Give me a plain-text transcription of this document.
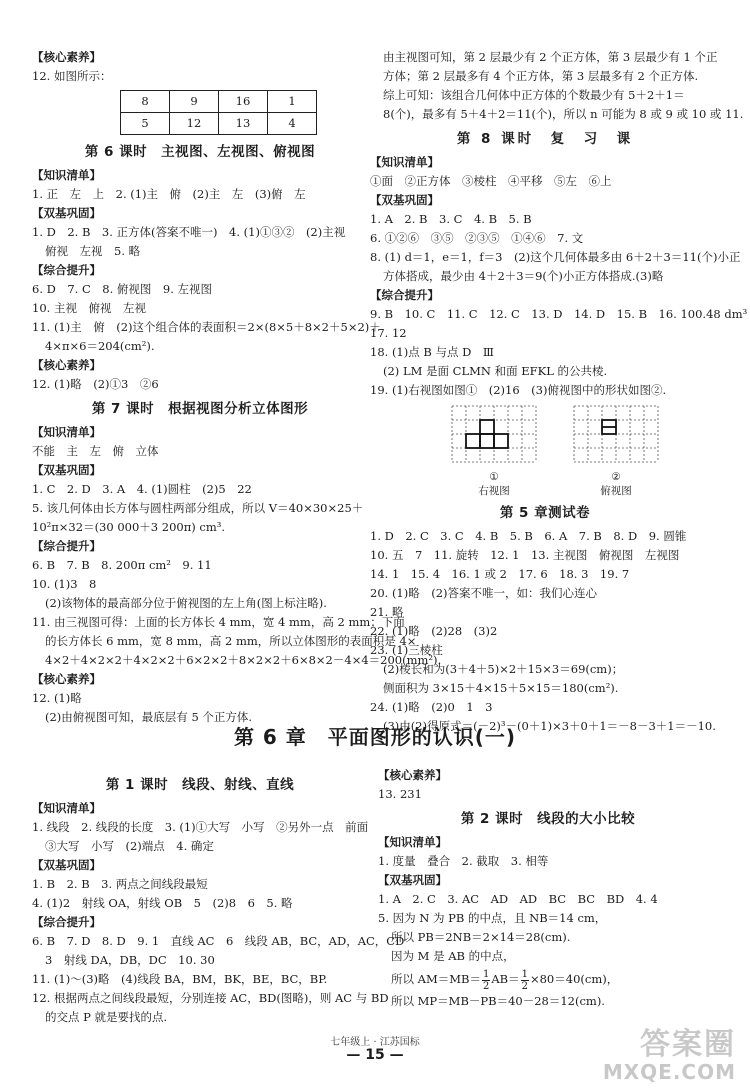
【核心素养】
12. 如图所示：
8	9	16	1
5	12	13	4
第 6 课时　主视图、左视图、俯视图
【知识清单】
1. 正　左　上　2. (1)主　俯　(2)主　左　(3)俯　左
【双基巩固】
1. D　2. B　3. 正方体(答案不唯一)　4. (1)①③②　(2)主视
俯视　左视　5. 略
【综合提升】
6. D　7. C　8. 俯视图　9. 左视图
10. 主视　俯视　左视
11. (1)主　俯　(2)这个组合体的表面积＝2×(8×5＋8×2＋5×2)＋
4×π×6＝204(cm²).
【核心素养】
12. (1)略　(2)①3　②6
第 7 课时　根据视图分析立体图形
【知识清单】
不能　主　左　俯　立体
【双基巩固】
1. C　2. D　3. A　4. (1)圆柱　(2)5　22
5. 该几何体由长方体与圆柱两部分组成，所以 V＝40×30×25＋
10²π×32＝(30 000＋3 200π) cm³.
【综合提升】
6. B　7. B　8. 200π cm²　9. 11
10. (1)3　8
(2)该物体的最高部分位于俯视图的左上角(图上标注略).
11. 由三视图可得：上面的长方体长 4 mm，宽 4 mm，高 2 mm；下面
的长方体长 6 mm，宽 8 mm，高 2 mm，所以立体图形的表面积是 4×
4×2＋4×2×2＋4×2×2＋6×2×2＋8×2×2＋6×8×2－4×4＝200(mm²).
【核心素养】
12. (1)略
(2)由俯视图可知，最底层有 5 个正方体.
由主视图可知，第 2 层最少有 2 个正方体，第 3 层最少有 1 个正
方体；第 2 层最多有 4 个正方体，第 3 层最多有 2 个正方体.
综上可知：该组合几何体中正方体的个数最少有 5＋2＋1＝
8(个)，最多有 5＋4＋2＝11(个)，所以 n 可能为 8 或 9 或 10 或 11.
第 8 课时　复　习　课
【知识清单】
①面　②正方体　③棱柱　④平移　⑤左　⑥上
【双基巩固】
1. A　2. B　3. C　4. B　5. B
6. ①②⑥　③⑤　②③⑤　①④⑥　7. 文
8. (1) d＝1，e＝1，f＝3　(2)这个几何体最多由 6＋2＋3＝11(个)小正
方体搭成，最少由 4＋2＋3＝9(个)小正方体搭成.(3)略
【综合提升】
9. B　10. C　11. C　12. C　13. D　14. D　15. B　16. 100.48 dm³
17. 12
18. (1)点 B 与点 D　Ⅲ
(2) LM 是面 CLMN 和面 EFKL 的公共棱.
19. (1)右视图如图①　(2)16　(3)俯视图中的形状如图②.
①
右视图
②
俯视图
第 5 章测试卷
1. D　2. C　3. C　4. B　5. B　6. A　7. B　8. D　9. 圆锥
10. 五　7　11. 旋转　12. 1　13. 主视图　俯视图　左视图
14. 1　15. 4　16. 1 或 2　17. 6　18. 3　19. 7
20. (1)略　(2)答案不唯一，如：我们心连心
21. 略
22. (1)略　(2)28　(3)2
23. (1)三棱柱
(2)棱长和为(3＋4＋5)×2＋15×3＝69(cm)；
侧面积为 3×15＋4×15＋5×15＝180(cm²).
24. (1)略　(2)0　1　3
(3)由(2)得原式＝(－2)³－(0＋1)×3＋0＋1＝－8－3＋1＝－10.
第 6 章　平面图形的认识(一)
第 1 课时　线段、射线、直线
【知识清单】
1. 线段　2. 线段的长度　3. (1)①大写　小写　②另外一点　前面
③大写　小写　(2)端点　4. 确定
【双基巩固】
1. B　2. B　3. 两点之间线段最短
4. (1)2　射线 OA，射线 OB　5　(2)8　6　5. 略
【综合提升】
6. B　7. D　8. D　9. 1　直线 AC　6　线段 AB，BC，AD，AC，CD
3　射线 DA，DB，DC　10. 30
11. (1)～(3)略　(4)线段 BA，BM，BK，BE，BC，BP.
12. 根据两点之间线段最短，分别连接 AC，BD(图略)，则 AC 与 BD
的交点 P 就是要找的点.
【核心素养】
13. 231
第 2 课时　线段的大小比较
【知识清单】
1. 度量　叠合　2. 截取　3. 相等
【双基巩固】
1. A　2. C　3. AC　AD　AD　BC　BC　BD　4. 4
5. 因为 N 为 PB 的中点，且 NB＝14 cm，
所以 PB＝2NB＝2×14＝28(cm).
因为 M 是 AB 的中点，
所以 $AM=MB= \frac{1}{2} AB= \frac{1}{2} \times 80=40(cm)$，
所以 MP＝MB－PB＝40－28＝12(cm).
七年级上 · 江苏国标
— 15 —	答案圈
MXQE.COM
